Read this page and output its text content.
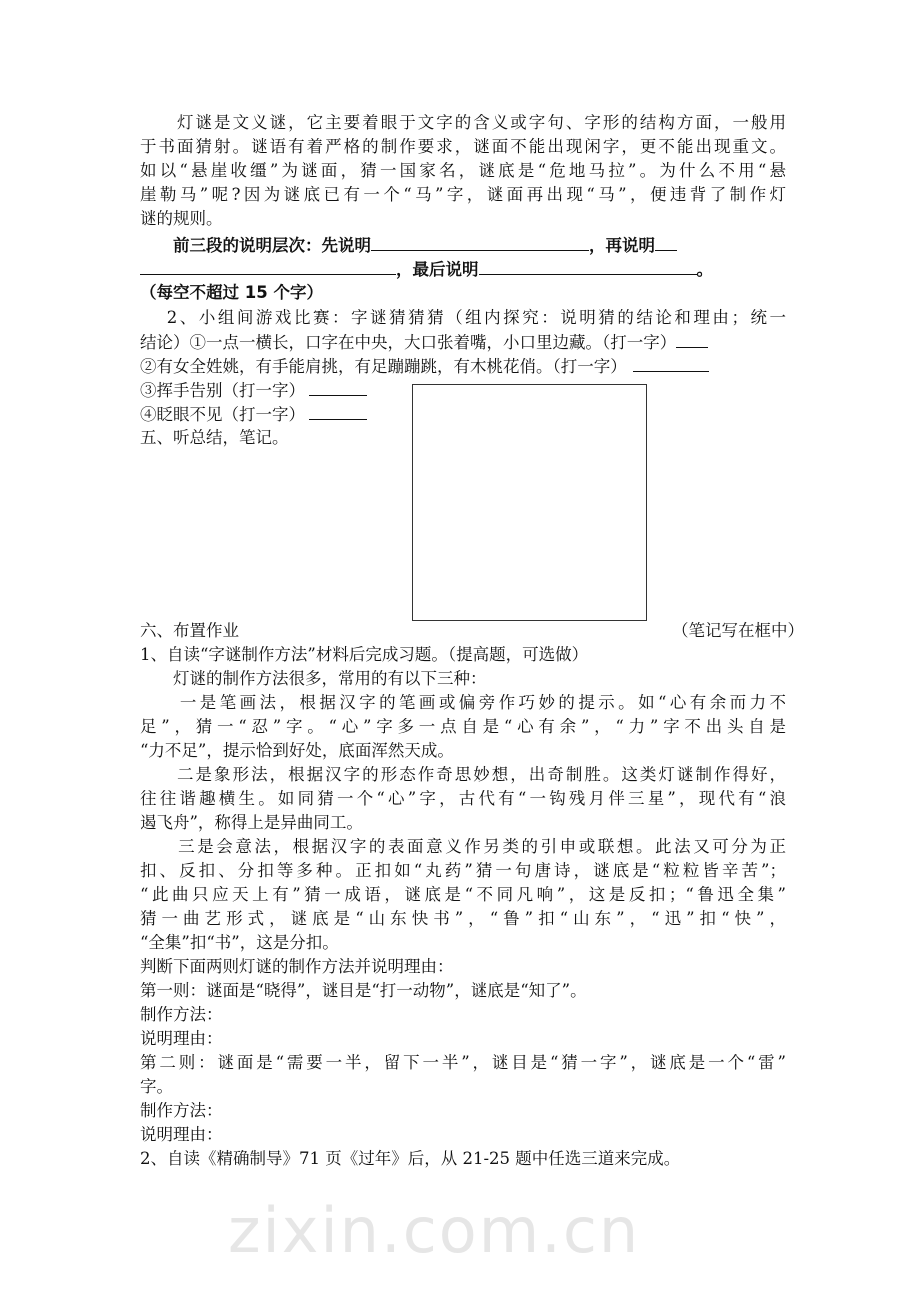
zixin.com.cn
　　灯谜是文义谜，它主要着眼于文字的含义或字句、字形的结构方面，一般用
于书面猜射。谜语有着严格的制作要求，谜面不能出现闲字，更不能出现重文。
如以“悬崖收缰”为谜面，猜一国家名，谜底是“危地马拉”。为什么不用“悬
崖勒马”呢?因为谜底已有一个“马”字，谜面再出现“马”，便违背了制作灯
谜的规则。
　　前三段的说明层次：先说明	，再说明
，最后说明	。
（每空不超过 15 个字）
　 2、小组间游戏比赛：字谜猜猜猜（组内探究：说明猜的结论和理由；统一
结论）①一点一横长，口字在中央，大口张着嘴，小口里边藏。（打一字）
②有女全姓姚，有手能肩挑，有足蹦蹦跳，有木桃花俏。（打一字）
③挥手告别（打一字）
④眨眼不见（打一字）
五、听总结，笔记。
六、布置作业	（笔记写在框中）
1、自读“字谜制作方法”材料后完成习题。（提高题，可选做）
　　灯谜的制作方法很多，常用的有以下三种：
　　一是笔画法，根据汉字的笔画或偏旁作巧妙的提示。如“心有余而力不
足”，猜一“忍”字。“心”字多一点自是“心有余”，“力”字不出头自是
“力不足”，提示恰到好处，底面浑然天成。
　　二是象形法，根据汉字的形态作奇思妙想，出奇制胜。这类灯谜制作得好，
往往谐趣横生。如同猜一个“心”字，古代有“一钩残月伴三星”，现代有“浪
遏飞舟”，称得上是异曲同工。
　　三是会意法，根据汉字的表面意义作另类的引申或联想。此法又可分为正
扣、反扣、分扣等多种。正扣如“丸药”猜一句唐诗，谜底是“粒粒皆辛苦”；
“此曲只应天上有”猜一成语，谜底是“不同凡响”，这是反扣；“鲁迅全集”
猜一曲艺形式，谜底是“山东快书”，“鲁”扣“山东”，“迅”扣“快”，
“全集”扣“书”，这是分扣。
判断下面两则灯谜的制作方法并说明理由：
第一则：谜面是“晓得”，谜目是“打一动物”，谜底是“知了”。
制作方法：
说明理由：
第二则：谜面是“需要一半，留下一半”，谜目是“猜一字”，谜底是一个“雷”
字。
制作方法：
说明理由：
2、自读《精确制导》71 页《过年》后，从 21-25 题中任选三道来完成。
